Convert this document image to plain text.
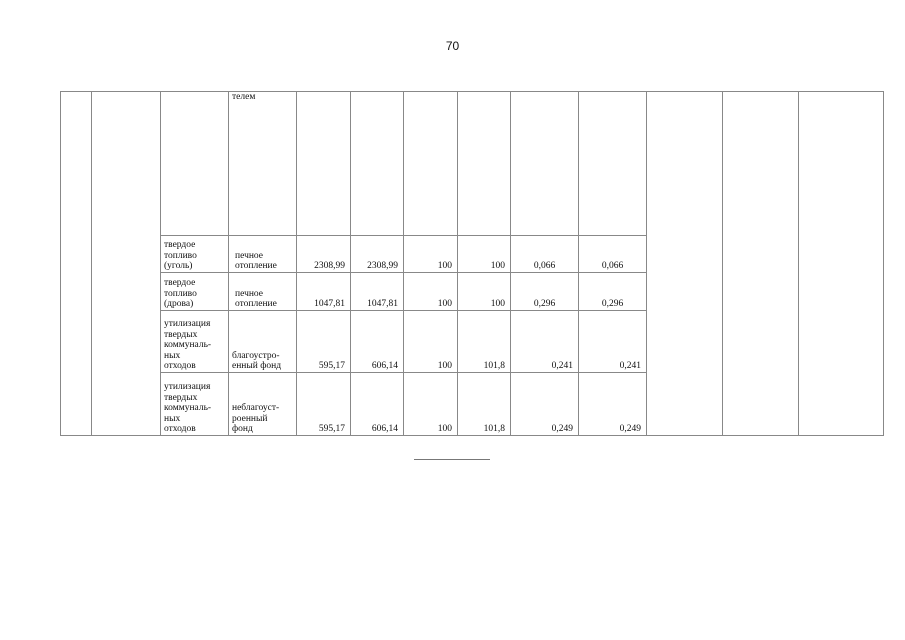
70

			телем									

		твердое
топливо
(уголь)	печное
отопление	2308,99	2308,99	100	100	0,066	0,066			

		твердое
топливо
(дрова)	печное
отопление	1047,81	1047,81	100	100	0,296	0,296			

		утилизация
твердых
коммуналь-
ных
отходов	благоустро-
енный фонд	595,17	606,14	100	101,8	0,241	0,241			

		утилизация
твердых
коммуналь-
ных
отходов	неблагоуст-
роенный
фонд	595,17	606,14	100	101,8	0,249	0,249			
